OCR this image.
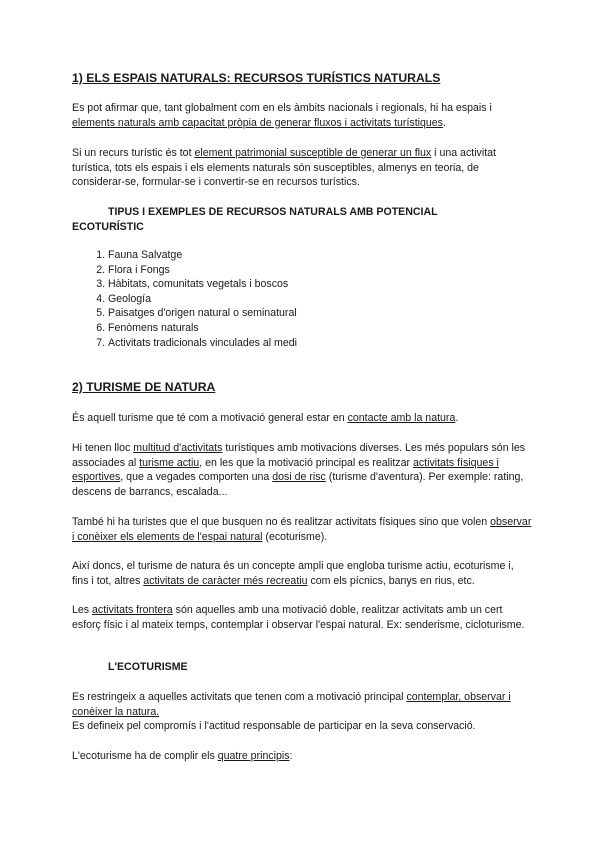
1) ELS ESPAIS NATURALS: RECURSOS TURÍSTICS NATURALS

Es pot afirmar que, tant globalment com en els àmbits nacionals i regionals, hi ha espais i elements naturals amb capacitat pròpia de generar fluxos i activitats turístiques.

Si un recurs turístic és tot element patrimonial susceptible de generar un flux i una activitat turística, tots els espais i els elements naturals són susceptibles, almenys en teoria, de considerar-se, formular-se i convertir-se en recursos turístics.

TIPUS I EXEMPLES DE RECURSOS NATURALS AMB POTENCIAL
ECOTURÍSTIC
1. Fauna Salvatge
2. Flora i Fongs
3. Hàbitats, comunitats vegetals i boscos
4. Geología
5. Paisatges d'origen natural o seminatural
6. Fenòmens naturals
7. Activitats tradicionals vinculades al medi
2) TURISME DE NATURA

És aquell turisme que té com a motivació general estar en contacte amb la natura.

Hi tenen lloc multitud d'activitats turístiques amb motivacions diverses. Les més populars són les associades al turisme actiu, en les que la motivació principal es realitzar activitats físiques i esportives, que a vegades comporten una dosi de risc (turisme d'aventura). Per exemple: rating, descens de barrancs, escalada...

També hi ha turistes que el que busquen no és realitzar activitats físiques sino que volen observar i conèixer els elements de l'espai natural (ecoturisme).

Així doncs, el turisme de natura és un concepte ampli que engloba turisme actiu, ecoturisme i, fins i tot, altres activitats de caràcter més recreatiu com els pícnics, banys en rius, etc.

Les activitats frontera són aquelles amb una motivació doble, realitzar activitats amb un cert esforç físic i al mateix temps, contemplar i observar l'espai natural. Ex: senderisme, cicloturisme.

L'ECOTURISME

Es restringeix a aquelles activitats que tenen com a motivació principal contemplar, observar i conèixer la natura.
Es defineix pel compromís i l'actitud responsable de participar en la seva conservació.

L'ecoturisme ha de complir els quatre principis:
